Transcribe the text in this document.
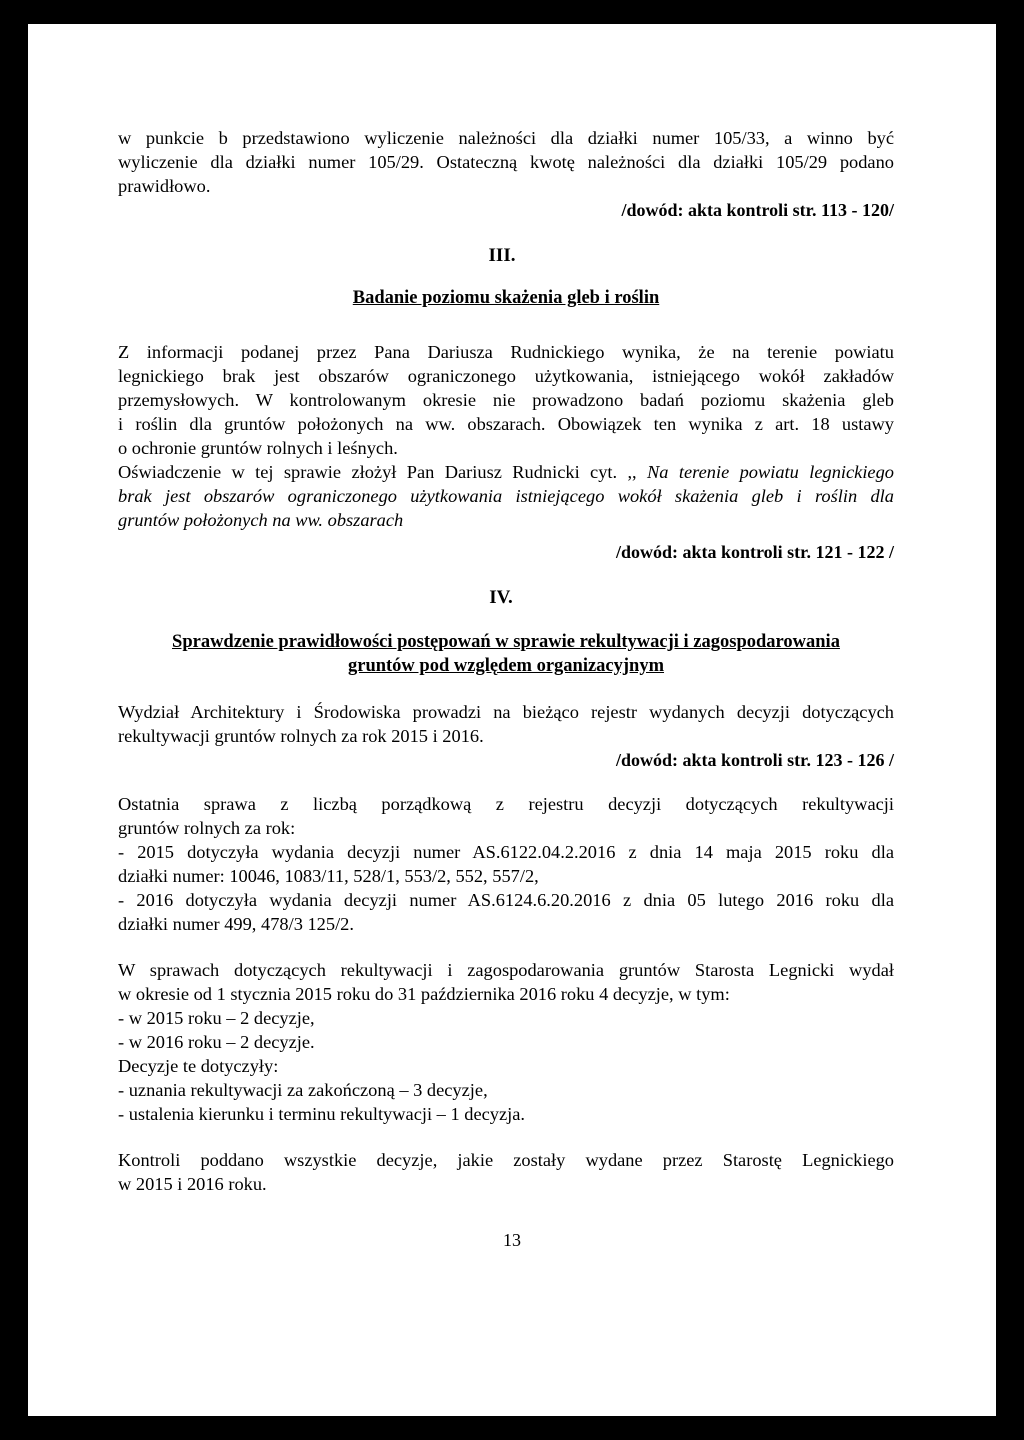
w punkcie b przedstawiono wyliczenie należności dla działki numer 105/33, a winno być

wyliczenie dla działki numer 105/29. Ostateczną kwotę należności dla działki 105/29 podano

prawidłowo.

/dowód: akta kontroli str. 113 - 120/

III.

Badanie poziomu skażenia gleb i roślin

Z informacji podanej przez Pana Dariusza Rudnickiego wynika, że na terenie powiatu

legnickiego brak jest obszarów ograniczonego użytkowania, istniejącego wokół zakładów

przemysłowych. W kontrolowanym okresie nie prowadzono badań poziomu skażenia gleb

i roślin dla gruntów położonych na ww. obszarach. Obowiązek ten wynika z art. 18 ustawy

o ochronie gruntów rolnych i leśnych.

Oświadczenie w tej sprawie złożył Pan Dariusz Rudnicki cyt. ,, Na terenie powiatu legnickiego

brak jest obszarów ograniczonego użytkowania istniejącego wokół skażenia gleb i roślin dla

gruntów położonych na ww. obszarach

/dowód: akta kontroli str. 121 - 122 /

IV.

Sprawdzenie prawidłowości postępowań w sprawie rekultywacji i zagospodarowania

gruntów pod względem organizacyjnym

Wydział Architektury i Środowiska prowadzi na bieżąco rejestr wydanych decyzji dotyczących

rekultywacji gruntów rolnych za rok 2015 i 2016.

/dowód: akta kontroli str. 123 - 126 /

Ostatnia sprawa z liczbą porządkową z rejestru decyzji dotyczących rekultywacji

gruntów rolnych za rok:

- 2015 dotyczyła wydania decyzji numer AS.6122.04.2.2016 z dnia 14 maja 2015 roku dla

działki numer: 10046, 1083/11, 528/1, 553/2, 552, 557/2,

- 2016 dotyczyła wydania decyzji numer AS.6124.6.20.2016 z dnia 05 lutego 2016 roku dla

działki numer 499, 478/3 125/2.

W sprawach dotyczących rekultywacji i zagospodarowania gruntów Starosta Legnicki wydał

w okresie od 1 stycznia 2015 roku do 31 października 2016 roku 4 decyzje, w tym:

- w 2015 roku – 2 decyzje,

- w 2016 roku – 2 decyzje.

Decyzje te dotyczyły:

- uznania rekultywacji za zakończoną – 3 decyzje,

- ustalenia kierunku i terminu rekultywacji – 1 decyzja.

Kontroli poddano wszystkie decyzje, jakie zostały wydane przez Starostę Legnickiego

w 2015 i 2016 roku.

13
